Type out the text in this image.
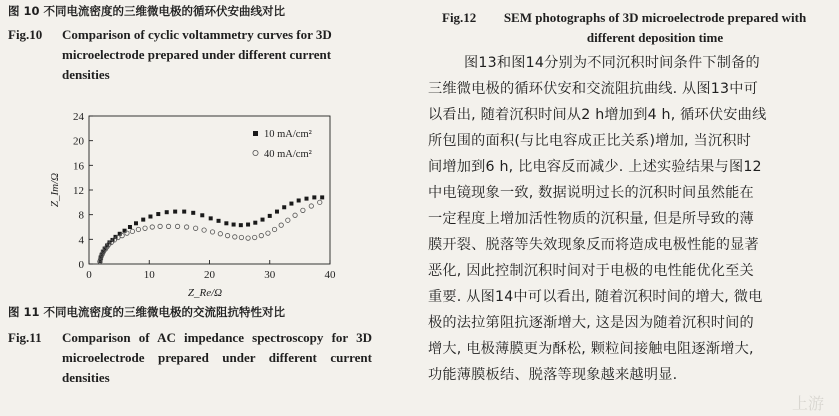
图 10 不同电流密度的三维微电极的循环伏安曲线对比
Fig.10	Comparison of cyclic voltammetry curves for 3D microelectrode prepared under different current densities
0	10	20	30	40
0
4
8
12
16
20
24
10 mA/cm²
40 mA/cm²
Z_Re/Ω
Z_Im/Ω
图 11 不同电流密度的三维微电极的交流阻抗特性对比
Fig.11	Comparison of AC impedance spectroscopy for 3D microelectrode prepared under different current densities
Fig.12	SEM photographs of 3D microelectrode prepared with different deposition time
图13和图14分别为不同沉积时间条件下制备的
三维微电极的循环伏安和交流阻抗曲线. 从图13中可
以看出, 随着沉积时间从2 h增加到4 h, 循环伏安曲线
所包围的面积(与比电容成正比关系)增加, 当沉积时
间增加到6 h, 比电容反而减少. 上述实验结果与图12
中电镜现象一致, 数据说明过长的沉积时间虽然能在
一定程度上增加活性物质的沉积量, 但是所导致的薄
膜开裂、脱落等失效现象反而将造成电极性能的显著
恶化, 因此控制沉积时间对于电极的电性能优化至关
重要. 从图14中可以看出, 随着沉积时间的增大, 微电
极的法拉第阻抗逐渐增大, 这是因为随着沉积时间的
增大, 电极薄膜更为酥松, 颗粒间接触电阻逐渐增大,
功能薄膜板结、脱落等现象越来越明显.
上游
